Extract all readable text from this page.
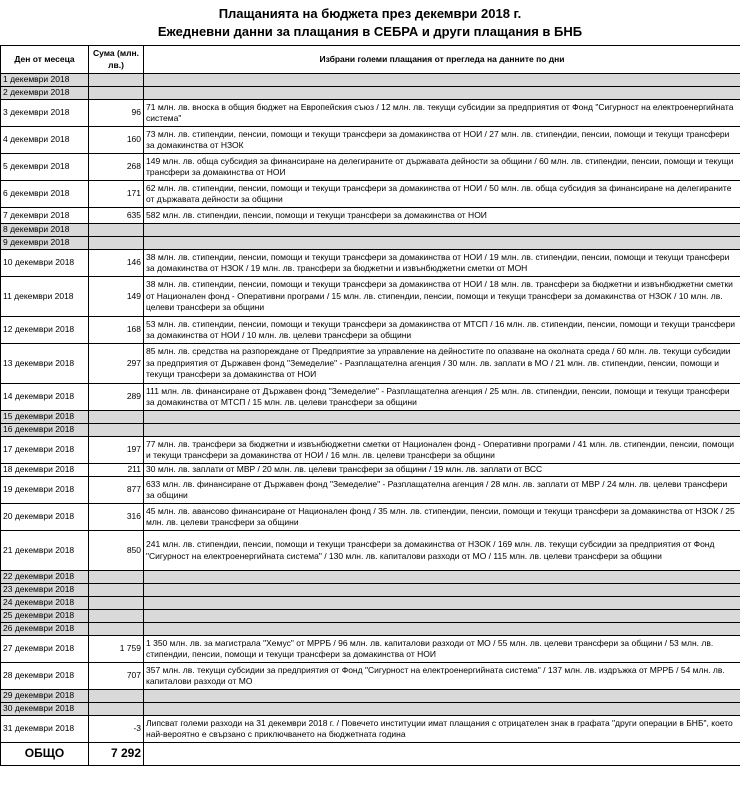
Плащанията на бюджета през декември 2018 г.
Ежедневни данни за плащания в СЕБРА и други плащания в БНБ
Ден от месеца	Сума (млн. лв.)	Избрани големи плащания от прегледа на данните по дни
1 декември 2018		
2 декември 2018		
3 декември 2018	96	71 млн. лв. вноска в общия бюджет на Европейския съюз / 12 млн. лв. текущи субсидии за предприятия от Фонд "Сигурност на електроенергийната система"
4 декември 2018	160	73 млн. лв. стипендии, пенсии, помощи и текущи трансфери за домакинства от НОИ / 27 млн. лв. стипендии, пенсии, помощи и текущи трансфери за домакинства от НЗОК
5 декември 2018	268	149 млн. лв. обща субсидия за финансиране на делегираните от държавата дейности за общини / 60 млн. лв. стипендии, пенсии, помощи и текущи трансфери за домакинства от НОИ
6 декември 2018	171	62 млн. лв. стипендии, пенсии, помощи и текущи трансфери за домакинства от НОИ / 50 млн. лв. обща субсидия за финансиране на делегираните от държавата дейности за общини
7 декември 2018	635	582 млн. лв. стипендии, пенсии, помощи и текущи трансфери за домакинства от НОИ
8 декември 2018		
9 декември 2018		
10 декември 2018	146	38 млн. лв. стипендии, пенсии, помощи и текущи трансфери за домакинства от НОИ / 19 млн. лв. стипендии, пенсии, помощи и текущи трансфери за домакинства от НЗОК / 19 млн. лв. трансфери за бюджетни и извънбюджетни сметки от МОН
11 декември 2018	149	38 млн. лв. стипендии, пенсии, помощи и текущи трансфери за домакинства от НОИ / 18 млн. лв. трансфери за бюджетни и извънбюджетни сметки от Национален фонд - Оперативни програми / 15 млн. лв. стипендии, пенсии, помощи и текущи трансфери за домакинства от НЗОК / 10 млн. лв. целеви трансфери за общини
12 декември 2018	168	53 млн. лв. стипендии, пенсии, помощи и текущи трансфери за домакинства от МТСП / 16 млн. лв. стипендии, пенсии, помощи и текущи трансфери за домакинства от НОИ / 10 млн. лв. целеви трансфери за общини
13 декември 2018	297	85 млн. лв. средства на разпореждане от Предприятие за управление на дейностите по опазване на околната среда / 60 млн. лв. текущи субсидии за предприятия от Държавен фонд "Земеделие" - Разплащателна агенция / 30 млн. лв. заплати в МО / 21 млн. лв. стипендии, пенсии, помощи и текущи трансфери за домакинства от НОИ
14 декември 2018	289	111 млн. лв. финансиране от Държавен фонд "Земеделие" - Разплащателна агенция / 25 млн. лв. стипендии, пенсии, помощи и текущи трансфери за домакинства от МТСП / 15 млн. лв. целеви трансфери за общини
15 декември 2018		
16 декември 2018		
17 декември 2018	197	77 млн. лв. трансфери за бюджетни и извънбюджетни сметки от Национален фонд - Оперативни програми / 41 млн. лв. стипендии, пенсии, помощи и текущи трансфери за домакинства от НОИ / 16 млн. лв. целеви трансфери за общини
18 декември 2018	211	30 млн. лв. заплати от МВР / 20 млн. лв. целеви трансфери за общини / 19 млн. лв. заплати от ВСС
19 декември 2018	877	633 млн. лв. финансиране от Държавен фонд "Земеделие" - Разплащателна агенция / 28 млн. лв. заплати от МВР / 24 млн. лв. целеви трансфери за общини
20 декември 2018	316	45 млн. лв. авансово финансиране от Национален фонд / 35 млн. лв. стипендии, пенсии, помощи и текущи трансфери за домакинства от НЗОК / 25 млн. лв. целеви трансфери за общини
21 декември 2018	850	241 млн. лв. стипендии, пенсии, помощи и текущи трансфери за домакинства от НЗОК / 169 млн. лв. текущи субсидии за предприятия от Фонд "Сигурност на електроенергийната система" / 130 млн. лв. капиталови разходи от МО / 115 млн. лв. целеви трансфери за общини
22 декември 2018		
23 декември 2018		
24 декември 2018		
25 декември 2018		
26 декември 2018		
27 декември 2018	1 759	1 350 млн. лв. за магистрала "Хемус" от МРРБ / 96 млн. лв. капиталови разходи от МО / 55 млн. лв. целеви трансфери за общини / 53 млн. лв. стипендии, пенсии, помощи и текущи трансфери за домакинства от НОИ
28 декември 2018	707	357 млн. лв. текущи субсидии за предприятия от Фонд "Сигурност на електроенергийната система" / 137 млн. лв. издръжка от МРРБ / 54 млн. лв. капиталови разходи от МО
29 декември 2018		
30 декември 2018		
31 декември 2018	-3	Липсват големи разходи на 31 декември 2018 г. / Повечето институции имат плащания с отрицателен знак в графата "други операции в БНБ", което най-вероятно е свързано с приключването на бюджетната година
ОБЩО	7 292	
